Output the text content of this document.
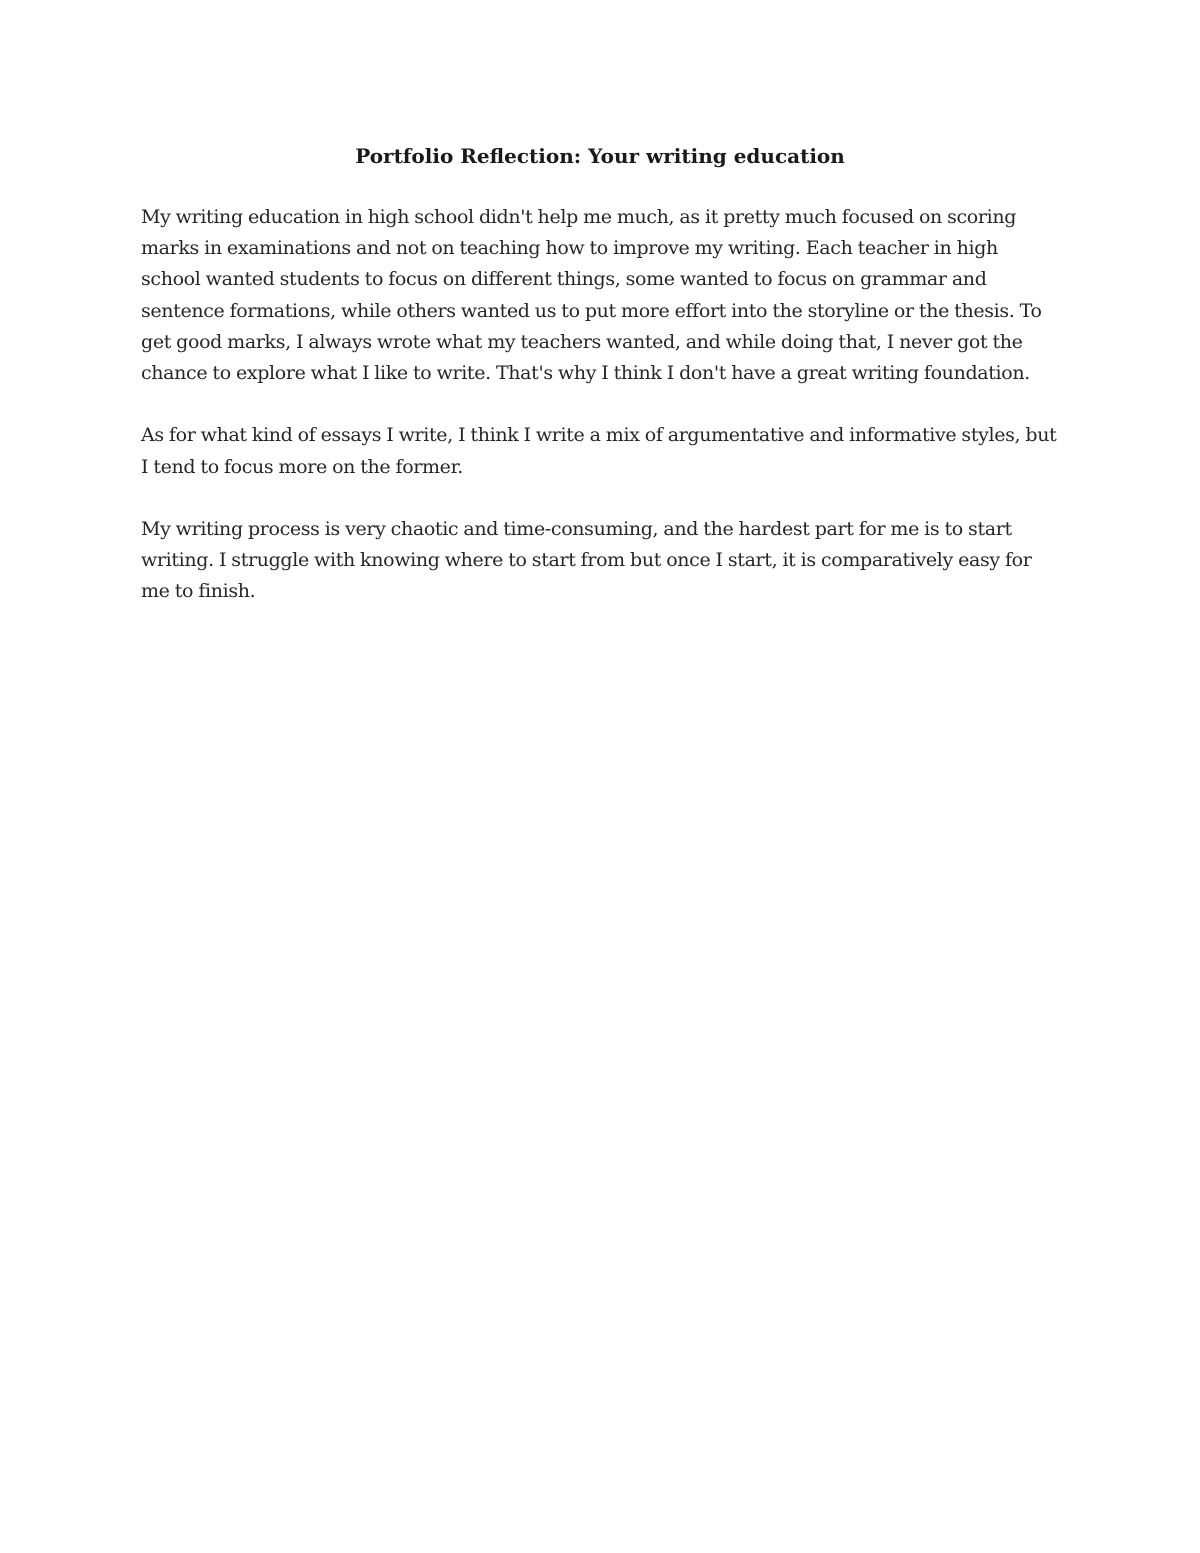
Portfolio Reflection: Your writing education

My writing education in high school didn't help me much, as it pretty much focused on scoring marks in examinations and not on teaching how to improve my writing. Each teacher in high school wanted students to focus on different things, some wanted to focus on grammar and sentence formations, while others wanted us to put more effort into the storyline or the thesis. To get good marks, I always wrote what my teachers wanted, and while doing that, I never got the chance to explore what I like to write. That's why I think I don't have a great writing foundation.

As for what kind of essays I write, I think I write a mix of argumentative and informative styles, but I tend to focus more on the former.

My writing process is very chaotic and time-consuming, and the hardest part for me is to start writing. I struggle with knowing where to start from but once I start, it is comparatively easy for me to finish.
